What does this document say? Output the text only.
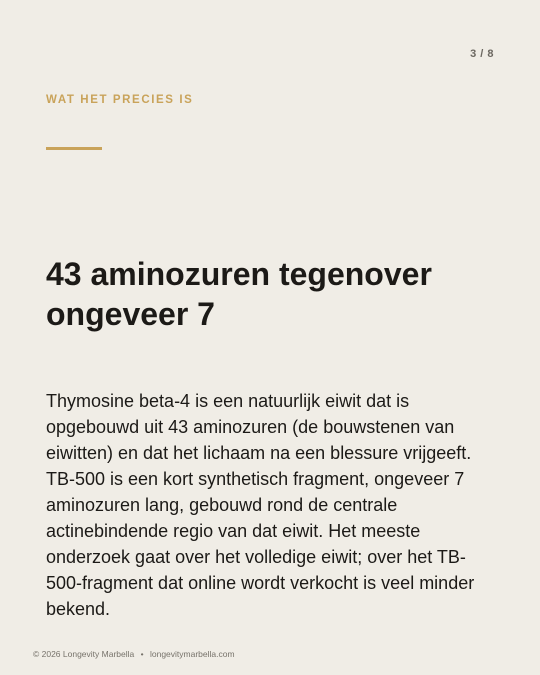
3 / 8
WAT HET PRECIES IS
43 aminozuren tegenover ongeveer 7

Thymosine beta-4 is een natuurlijk eiwit dat is opgebouwd uit 43 aminozuren (de bouwstenen van eiwitten) en dat het lichaam na een blessure vrijgeeft. TB-500 is een kort synthetisch fragment, ongeveer 7 aminozuren lang, gebouwd rond de centrale actinebindende regio van dat eiwit. Het meeste onderzoek gaat over het volledige eiwit; over het TB-500-fragment dat online wordt verkocht is veel minder bekend.

© 2026 Longevity Marbella • longevitymarbella.com
